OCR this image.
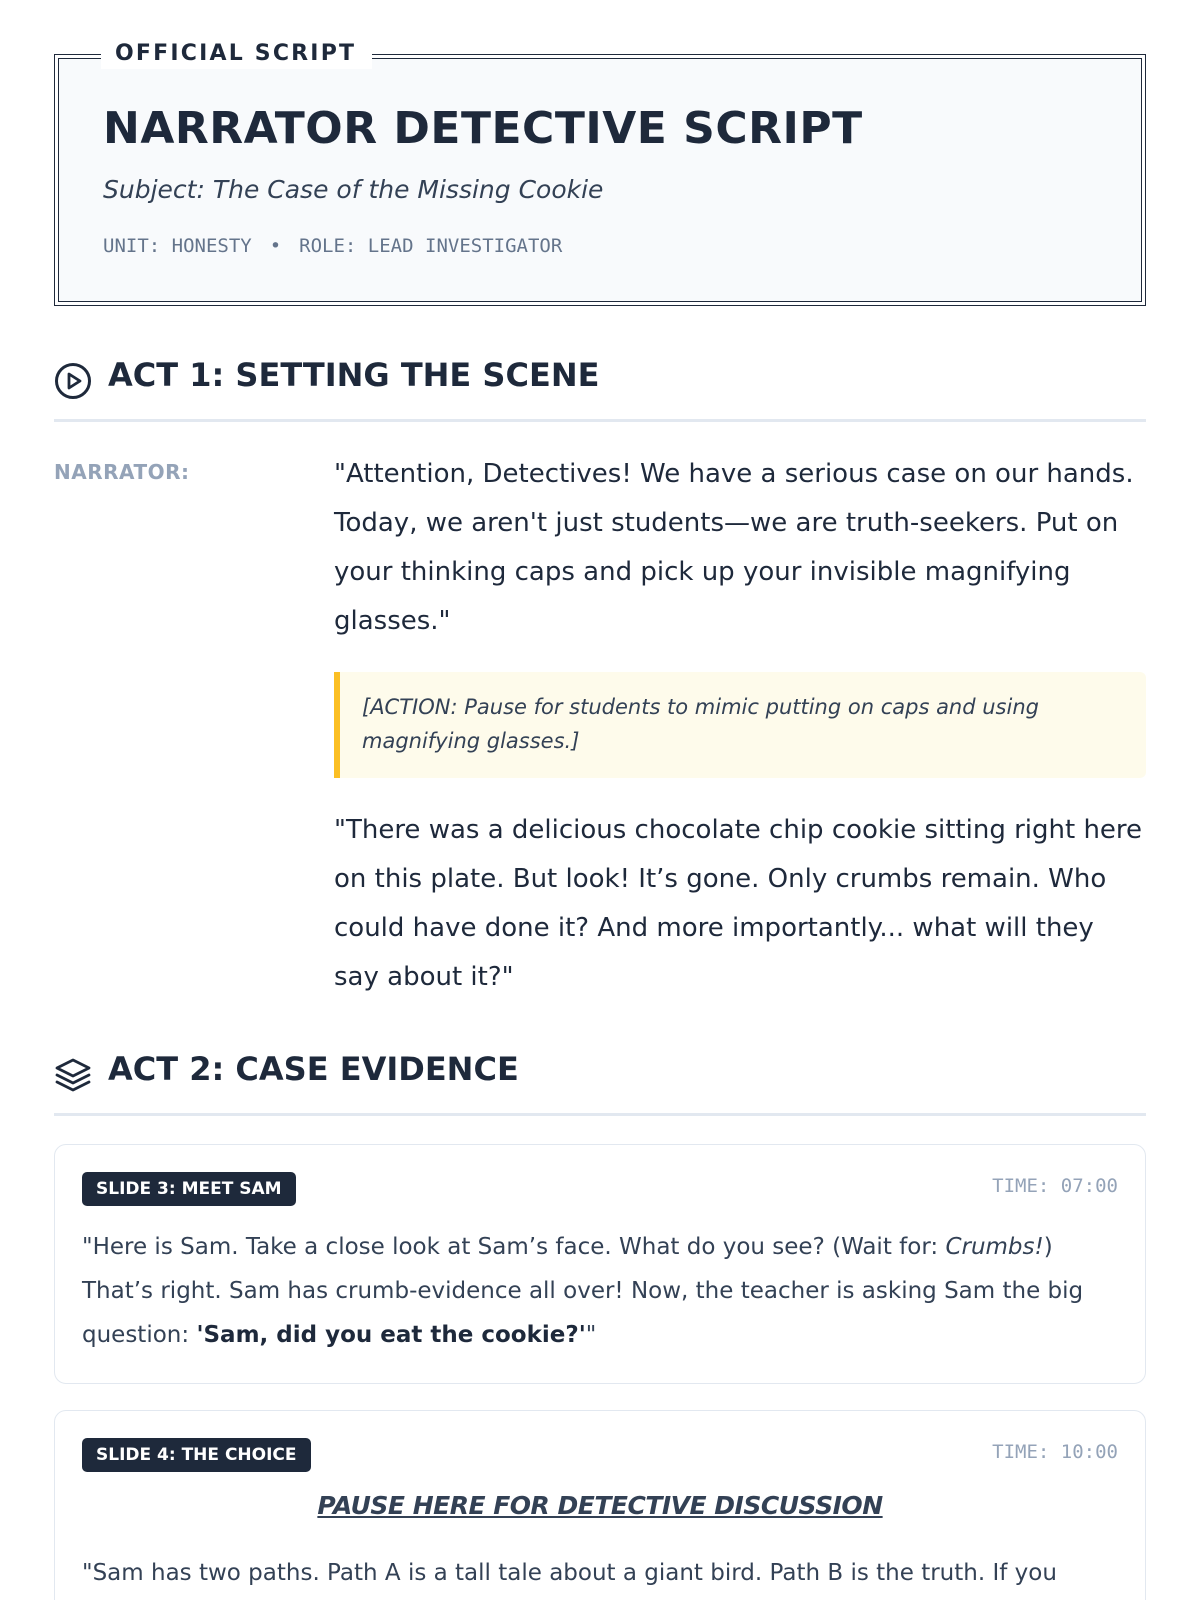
NARRATOR DETECTIVE SCRIPT
Subject: The Case of the Missing Cookie
UNIT: HONESTY • ROLE: LEAD INVESTIGATOR
OFFICIAL SCRIPT
ACT 1: SETTING THE SCENE
NARRATOR:	"Attention, Detectives! We have a serious case on our hands. Today, we aren't just students—we are truth-seekers. Put on your thinking caps and pick up your invisible magnifying glasses."
[ACTION: Pause for students to mimic putting on caps and using magnifying glasses.]
"There was a delicious chocolate chip cookie sitting right here on this plate. But look! It’s gone. Only crumbs remain. Who could have done it? And more importantly... what will they say about it?"
ACT 2: CASE EVIDENCE
SLIDE 3: MEET SAM	TIME: 07:00
"Here is Sam. Take a close look at Sam’s face. What do you see? (Wait for: Crumbs!) That’s right. Sam has crumb-evidence all over! Now, the teacher is asking Sam the big question: 'Sam, did you eat the cookie?'"
SLIDE 4: THE CHOICE	TIME: 10:00
PAUSE HERE FOR DETECTIVE DISCUSSION
"Sam has two paths. Path A is a tall tale about a giant bird. Path B is the truth. If you
